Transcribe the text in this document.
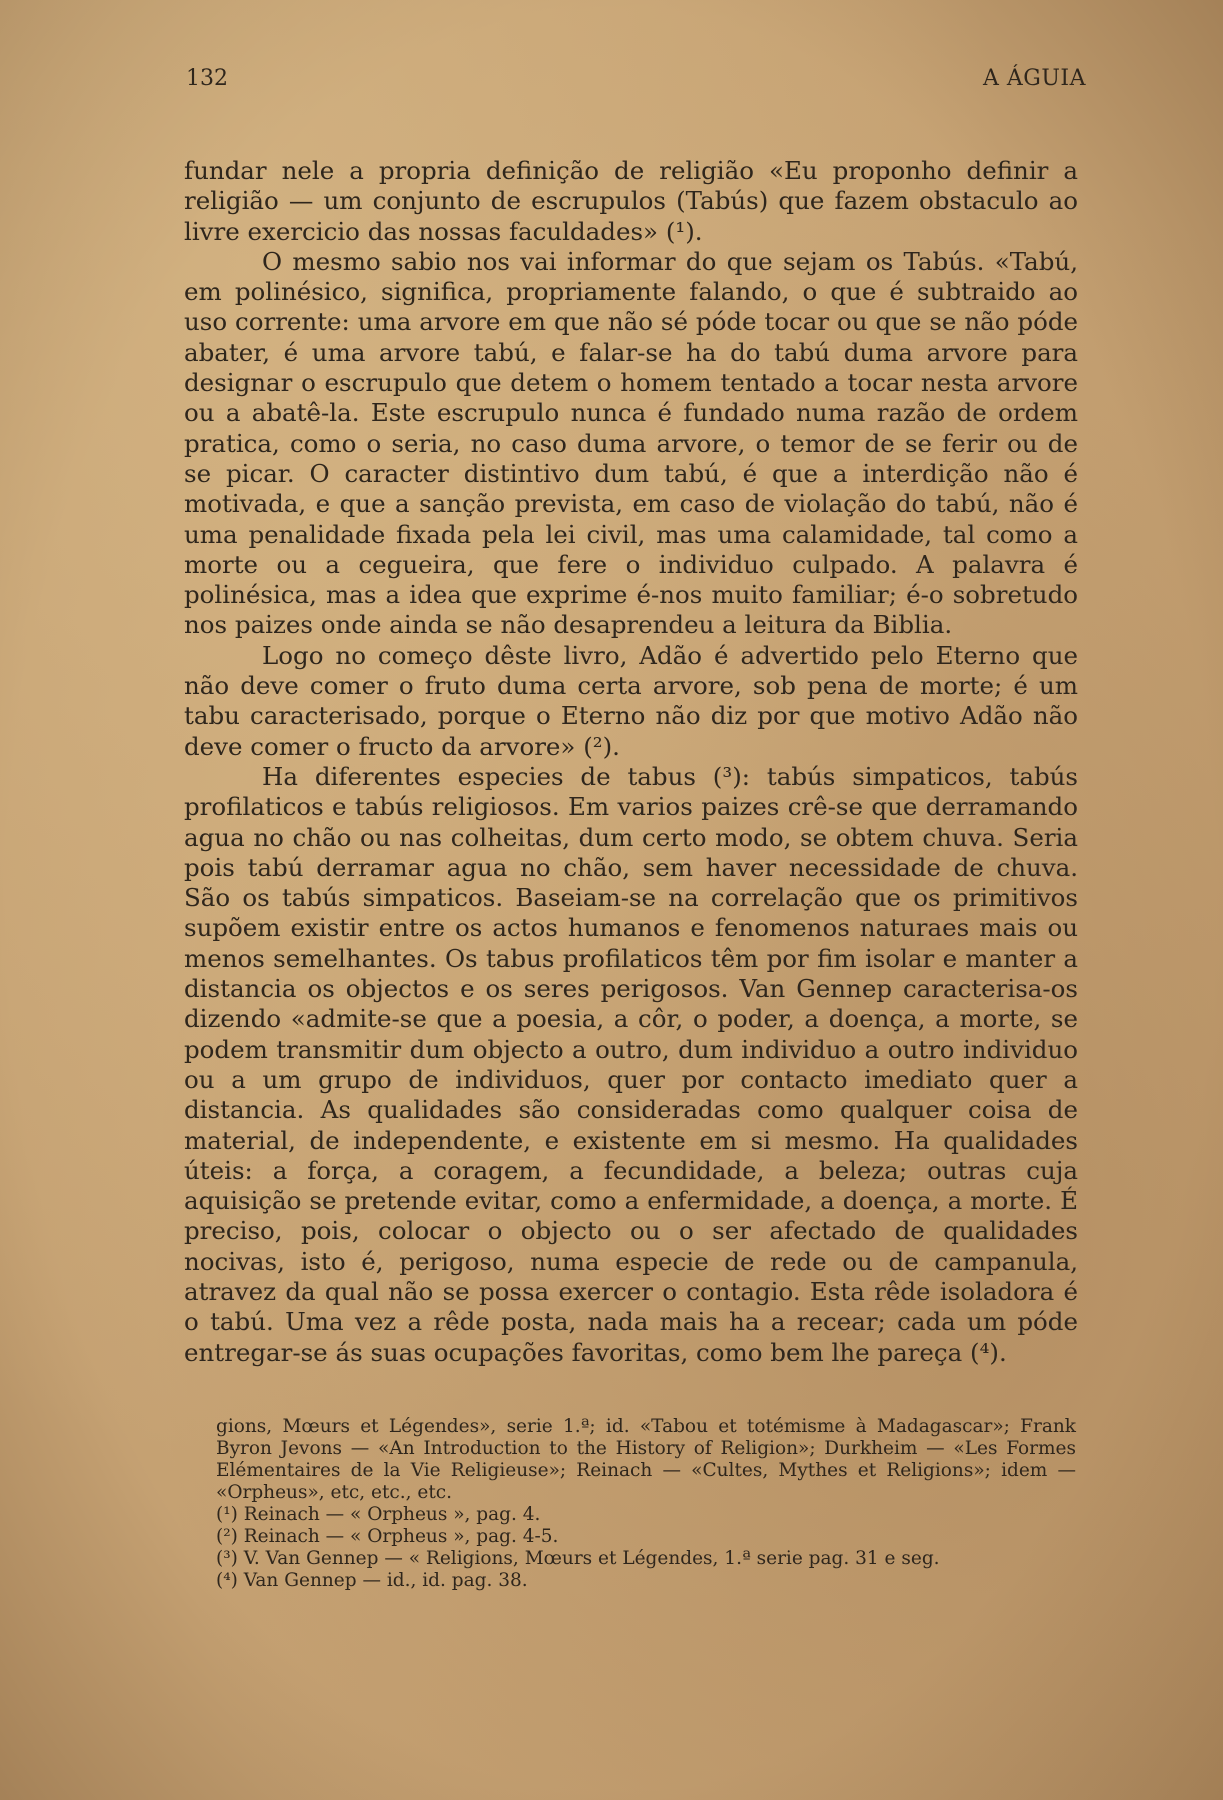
132	A ÁGUIA

fundar nele a propria definição de religião «Eu proponho definir a religião — um conjunto de escrupulos (Tabús) que fazem obstaculo ao livre exercicio das nossas faculdades» (¹).

O mesmo sabio nos vai informar do que sejam os Tabús. «Tabú, em polinésico, significa, propriamente falando, o que é subtraido ao uso corrente: uma arvore em que não sé póde tocar ou que se não póde abater, é uma arvore tabú, e falar-se ha do tabú duma arvore para designar o escrupulo que detem o homem tentado a tocar nesta arvore ou a abatê-la. Este escrupulo nunca é fundado numa razão de ordem pratica, como o seria, no caso duma arvore, o temor de se ferir ou de se picar. O caracter distintivo dum tabú, é que a interdição não é motivada, e que a sanção prevista, em caso de violação do tabú, não é uma penalidade fixada pela lei civil, mas uma calamidade, tal como a morte ou a cegueira, que fere o individuo culpado. A palavra é polinésica, mas a idea que exprime é-nos muito familiar; é-o sobretudo nos paizes onde ainda se não desaprendeu a leitura da Biblia.

Logo no começo dêste livro, Adão é advertido pelo Eterno que não deve comer o fruto duma certa arvore, sob pena de morte; é um tabu caracterisado, porque o Eterno não diz por que motivo Adão não deve comer o fructo da arvore» (²).

Ha diferentes especies de tabus (³): tabús simpaticos, tabús profilaticos e tabús religiosos. Em varios paizes crê-se que derramando agua no chão ou nas colheitas, dum certo modo, se obtem chuva. Seria pois tabú derramar agua no chão, sem haver necessidade de chuva. São os tabús simpaticos. Baseiam-se na correlação que os primitivos supõem existir entre os actos humanos e fenomenos naturaes mais ou menos semelhantes. Os tabus profilaticos têm por fim isolar e manter a distancia os objectos e os seres perigosos. Van Gennep caracterisa-os dizendo «admite-se que a poesia, a côr, o poder, a doença, a morte, se podem transmitir dum objecto a outro, dum individuo a outro individuo ou a um grupo de individuos, quer por contacto imediato quer a distancia. As qualidades são consideradas como qualquer coisa de material, de independente, e existente em si mesmo. Ha qualidades úteis: a força, a coragem, a fecundidade, a beleza; outras cuja aquisição se pretende evitar, como a enfermidade, a doença, a morte. É preciso, pois, colocar o objecto ou o ser afectado de qualidades nocivas, isto é, perigoso, numa especie de rede ou de campanula, atravez da qual não se possa exercer o contagio. Esta rêde isoladora é o tabú. Uma vez a rêde posta, nada mais ha a recear; cada um póde entregar-se ás suas ocupações favoritas, como bem lhe pareça (⁴).

gions, Mœurs et Légendes», serie 1.ª; id. «Tabou et totémisme à Madagascar»; Frank Byron Jevons — «An Introduction to the History of Religion»; Durkheim — «Les Formes Elémentaires de la Vie Religieuse»; Reinach — «Cultes, Mythes et Religions»; idem — «Orpheus», etc, etc., etc.

(¹) Reinach — « Orpheus », pag. 4.

(²) Reinach — « Orpheus », pag. 4-5.

(³) V. Van Gennep — « Religions, Mœurs et Légendes, 1.ª serie pag. 31 e seg.

(⁴) Van Gennep — id., id. pag. 38.
